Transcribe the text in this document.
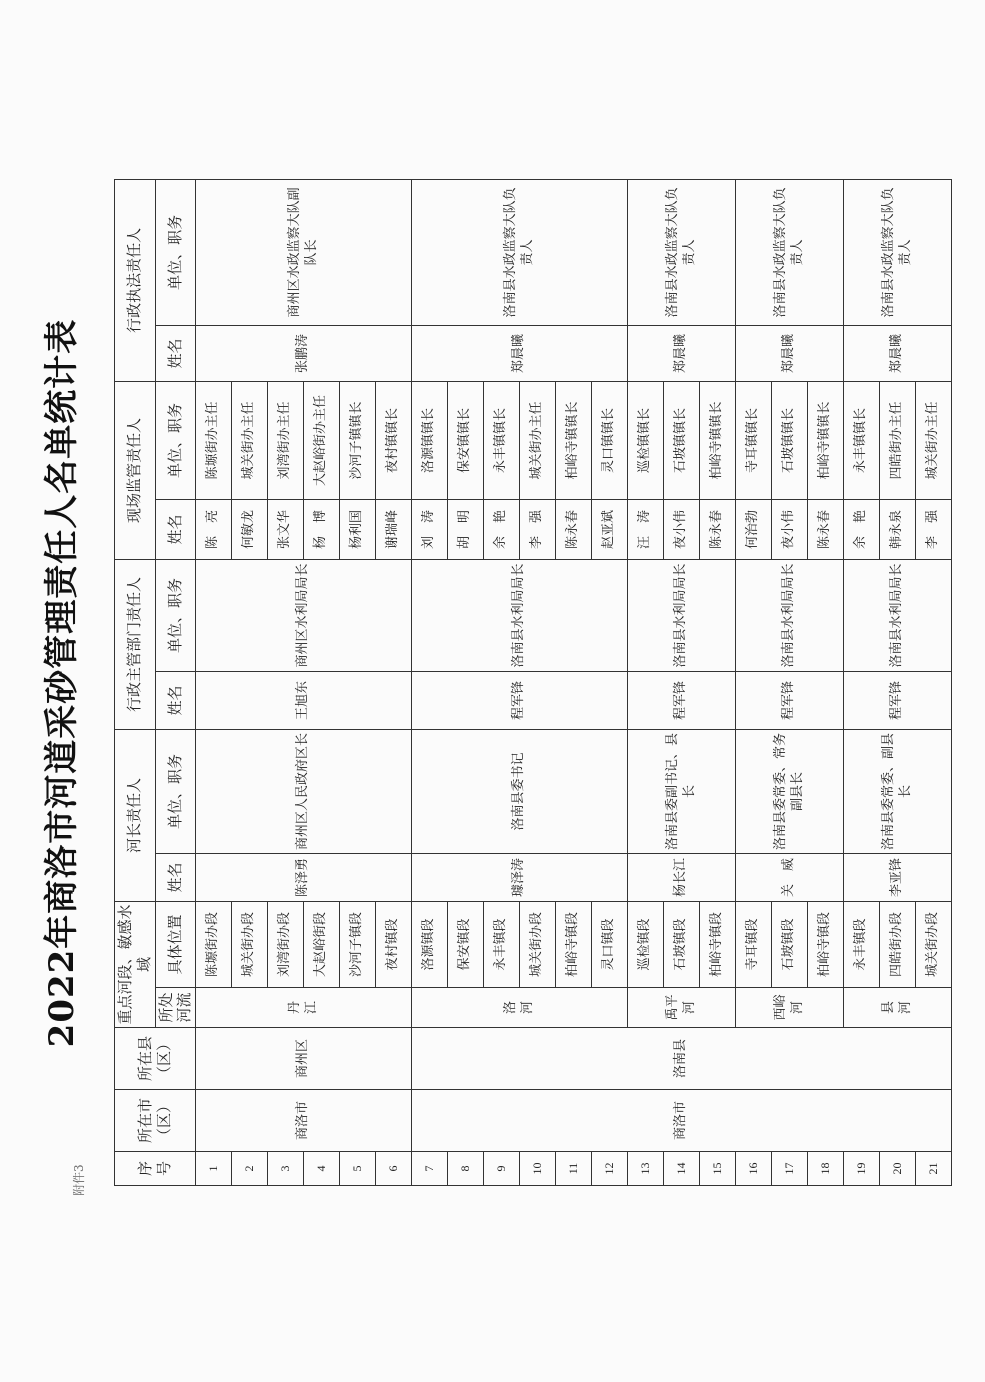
附件3
2022年商洛市河道采砂管理责任人名单统计表
序号	所在市（区）	所在县（区）	重点河段、敏感水域		河长责任人		行政主管部门责任人		现场监管责任人		行政执法责任人	
			所处河流	具体位置	姓名	单位、职务	姓名	单位、职务	姓名	单位、职务	姓名	单位、职务
1	商洛市	商州区	丹　江	陈塬街办段	陈泽勇	商州区人民政府区长	王旭东	商州区水利局局长	陈　亮	陈塬街办主任	张鹏涛	商州区水政监察大队副队长
2				城关街办段					何敏龙	城关街办主任		
3				刘湾街办段					张文华	刘湾街办主任		
4				大赵峪街段					杨　博	大赵峪街办主任		
5				沙河子镇段					杨利国	沙河子镇镇长		
6				夜村镇段					谢瑞峰	夜村镇镇长		
7	商洛市	洛南县	洛　河	洛源镇段	璩泽涛	洛南县委书记	程军锋	洛南县水利局局长	刘　涛	洛源镇镇长	郑晨曦	洛南县水政监察大队负责人
8				保安镇段					胡　明	保安镇镇长		
9				永丰镇段					余　艳	永丰镇镇长		
10				城关街办段					李　强	城关街办主任		
11				柏峪寺镇段					陈永春	柏峪寺镇镇长		
12				灵口镇段					赵亚斌	灵口镇镇长		
13			禹平河	巡检镇段	杨长江	洛南县委副书记、县长	程军锋	洛南县水利局局长	汪　涛	巡检镇镇长	郑晨曦	洛南县水政监察大队负责人
14				石坡镇段					夜小伟	石坡镇镇长		
15				柏峪寺镇段					陈永春	柏峪寺镇镇长		
16			西峪河	寺耳镇段	关　威	洛南县委常委、常务副县长	程军锋	洛南县水利局局长	何治勃	寺耳镇镇长	郑晨曦	洛南县水政监察大队负责人
17				石坡镇段					夜小伟	石坡镇镇长		
18				柏峪寺镇段					陈永春	柏峪寺镇镇长		
19			县　河	永丰镇段	李亚锋	洛南县委常委、副县长	程军锋	洛南县水利局局长	余　艳	永丰镇镇长	郑晨曦	洛南县水政监察大队负责人
20				四皓街办段					韩永泉	四皓街办主任		
21				城关街办段					李　强	城关街办主任		
